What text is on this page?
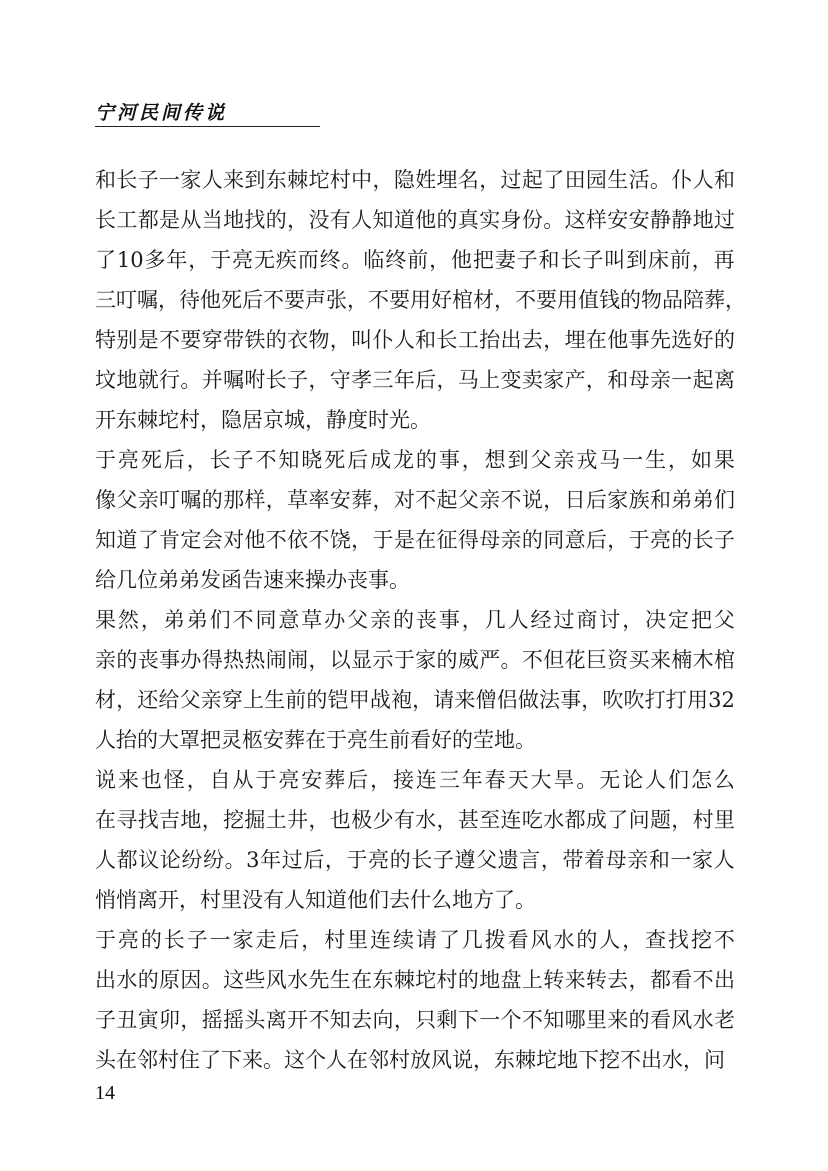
宁河民间传说
和 长 子 一 家 人 来 到 东 棘 坨 村 中 ， 隐 姓 埋 名 ， 过 起 了 田 园 生 活 。 仆 人 和
长 工 都 是 从 当 地 找 的 ， 没 有 人 知 道 他 的 真 实 身 份 。 这 样 安 安 静 静 地 过
了 10 多 年 ， 于 亮 无 疾 而 终 。 临 终 前 ， 他 把 妻 子 和 长 子 叫 到 床 前 ， 再
三 叮 嘱 ， 待 他 死 后 不 要 声 张 ， 不 要 用 好 棺 材 ， 不 要 用 值 钱 的 物 品 陪 葬 ，
特 别 是 不 要 穿 带 铁 的 衣 物 ， 叫 仆 人 和 长 工 抬 出 去 ， 埋 在 他 事 先 选 好 的
坟 地 就 行 。 并 嘱 咐 长 子 ， 守 孝 三 年 后 ， 马 上 变 卖 家 产 ， 和 母 亲 一 起 离
开东棘坨村，隐居京城，静度时光。
于 亮 死 后 ， 长 子 不 知 晓 死 后 成 龙 的 事 ， 想 到 父 亲 戎 马 一 生 ， 如 果
像 父 亲 叮 嘱 的 那 样 ， 草 率 安 葬 ， 对 不 起 父 亲 不 说 ， 日 后 家 族 和 弟 弟 们
知 道 了 肯 定 会 对 他 不 依 不 饶 ， 于 是 在 征 得 母 亲 的 同 意 后 ， 于 亮 的 长 子
给几位弟弟发函告速来操办丧事。
果 然 ， 弟 弟 们 不 同 意 草 办 父 亲 的 丧 事 ， 几 人 经 过 商 讨 ， 决 定 把 父
亲 的 丧 事 办 得 热 热 闹 闹 ， 以 显 示 于 家 的 威 严 。 不 但 花 巨 资 买 来 楠 木 棺
材 ， 还 给 父 亲 穿 上 生 前 的 铠 甲 战 袍 ， 请 来 僧 侣 做 法 事 ， 吹 吹 打 打 用 32
人抬的大罩把灵柩安葬在于亮生前看好的茔地。
说 来 也 怪 ， 自 从 于 亮 安 葬 后 ， 接 连 三 年 春 天 大 旱 。 无 论 人 们 怎 么
在 寻 找 吉 地 ， 挖 掘 土 井 ， 也 极 少 有 水 ， 甚 至 连 吃 水 都 成 了 问 题 ， 村 里
人 都 议 论 纷 纷 。 3 年 过 后 ， 于 亮 的 长 子 遵 父 遗 言 ， 带 着 母 亲 和 一 家 人
悄悄离开，村里没有人知道他们去什么地方了。
于 亮 的 长 子 一 家 走 后 ， 村 里 连 续 请 了 几 拨 看 风 水 的 人 ， 查 找 挖 不
出 水 的 原 因 。 这 些 风 水 先 生 在 东 棘 坨 村 的 地 盘 上 转 来 转 去 ， 都 看 不 出
子 丑 寅 卯 ， 摇 摇 头 离 开 不 知 去 向 ， 只 剩 下 一 个 不 知 哪 里 来 的 看 风 水 老
头在邻村住了下来。这个人在邻村放风说，东棘坨地下挖不出水，问
14
